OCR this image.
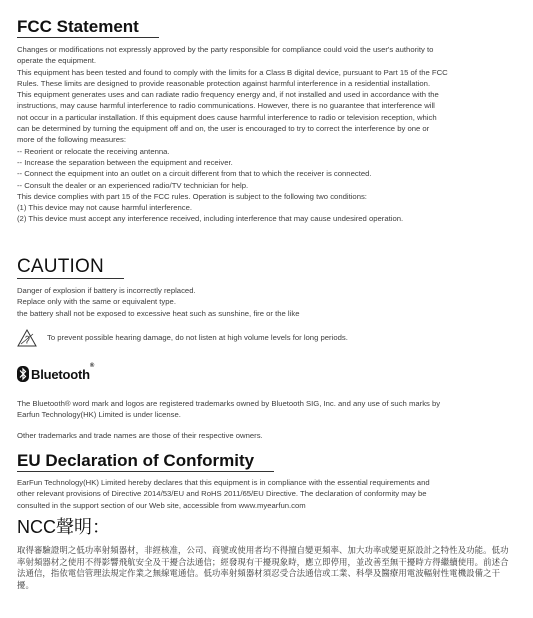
FCC Statement

Changes or modifications not expressly approved by the party responsible for compliance could void the user's authority to

operate the equipment.

This equipment has been tested and found to comply with the limits for a Class B digital device, pursuant to Part 15 of the FCC

Rules. These limits are designed to provide reasonable protection against harmful interference in a residential installation.

This equipment generates uses and can radiate radio frequency energy and, if not installed and used in accordance with the

instructions, may cause harmful interference to radio communications. However, there is no guarantee that interference will

not occur in a particular installation. If this equipment does cause harmful interference to radio or television reception, which

can be determined by turning the equipment off and on, the user is encouraged to try to correct the interference by one or

more of the following measures:

-- Reorient or relocate the receiving antenna.

-- Increase the separation between the equipment and receiver.

-- Connect the equipment into an outlet on a circuit different from that to which the receiver is connected.

-- Consult the dealer or an experienced radio/TV technician for help.

This device complies with part 15 of the FCC rules. Operation is subject to the following two conditions:

(1) This device may not cause harmful interference.

(2) This device must accept any interference received, including interference that may cause undesired operation.

CAUTION

Danger of explosion if battery is incorrectly replaced.

Replace only with the same or equivalent type.

the battery shall not be exposed to excessive heat such as sunshine, fire or the like

To prevent possible hearing damage, do not listen at high volume levels for long periods.
Bluetooth®

The Bluetooth® word mark and logos are registered trademarks owned by Bluetooth SIG, Inc. and any use of such marks by

Earfun Technology(HK) Limited is under license.

Other trademarks and trade names are those of their respective owners.

EU Declaration of Conformity

EarFun Technology(HK) Limited hereby declares that this equipment is in compliance with the essential requirements and

other relevant provisions of Directive 2014/53/EU and RoHS 2011/65/EU Directive. The declaration of conformity may be

consulted in the support section of our Web site, accessible from www.myearfun.com

NCC聲明：
取得審驗證明之低功率射頻器材，非經核准，公司、商號或使用者均不得擅自變更頻率、加大功率或變更原設計之特性及功能。低功率射頻器材之使用不得影響飛航安全及干擾合法通信；經發現有干擾現象時，應立即停用，並改善至無干擾時方得繼續使用。前述合法通信，指依電信管理法規定作業之無線電通信。低功率射頻器材須忍受合法通信或工業、科學及醫療用電波輻射性電機設備之干擾。
